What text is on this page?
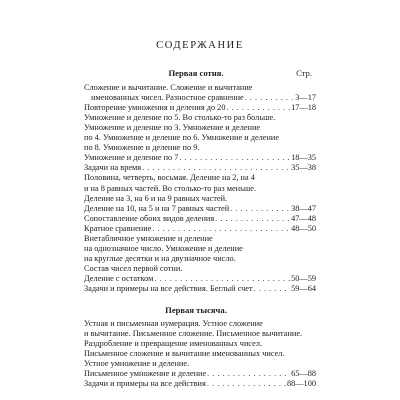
СОДЕРЖАНИЕ
Стр.
Первая сотня.
Сложение и вычитание. Сложение и вычитание
именованных чисел. Разностное сравнение . . .	3—17
Повторение умножения и деления до 20 . . .	17—18
Умножение и деление по 5. Во столько-то раз больше.
Умножение и деление по 3. Умножение и деление
по 4. Умножение и деление по 6. Умножение и деление
по 8. Умножение и деление по 9.
Умножение и деление по 7 . . .	18—35
Задачи на время . . .	35—38
Половина, четверть, восьмая. Деление на 2, на 4
и на 8 равных частей. Во столько-то раз меньше.
Деление на 3, на 6 и на 9 равных частей.
Деление на 10, на 5 и на 7 равных частей . . .	38—47
Сопоставление обоих видов деления . . .	47—48
Кратное сравнение . . .	48—50
Внетабличное умножение и деление
на однозначное число. Умножение и деление
на круглые десятки и на двузначное число.
Состав чисел первой сотни.
Деление с остатком . . .	50—59
Задачи и примеры на все действия. Беглый счет . . .	59—64
Первая тысяча.
Устная и письменная нумерация. Устное сложение
и вычитание. Письменное сложение. Письменное вычитание.
Раздробление и превращение именованных чисел.
Письменное сложение и вычитание именованных чисел.
Устное умножение и деление.
Письменное умножение и деление . . .	65—88
Задачи и примеры на все действия . . .	88—100
